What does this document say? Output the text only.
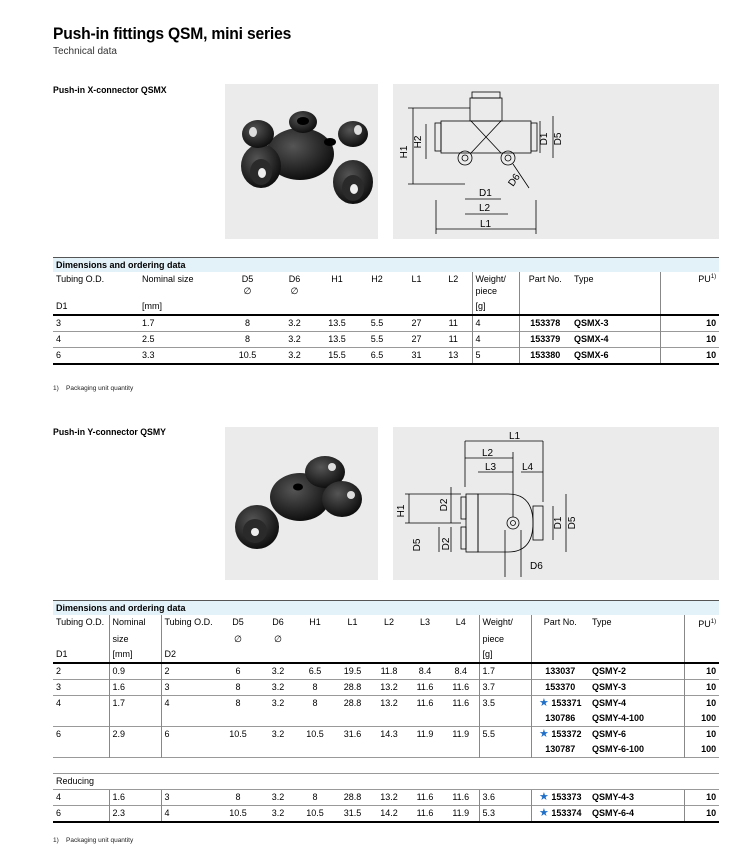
Push-in fittings QSM, mini series
Technical data
Push-in X-connector QSMX
H1
H2	D1 D5
D1
D6
L2
L1
Dimensions and ordering data											
Tubing O.D.	Nominal size	D5	D6	H1	H2	L1	L2	Weight/	Part No.	Type	PU$^{1)}$
		∅	∅					piece			
D1	[mm]							[g]			
3	1.7	8	3.2	13.5	5.5	27	11	4	153378	QSMX-3	10
4	2.5	8	3.2	13.5	5.5	27	11	4	153379	QSMX-4	10
6	3.3	10.5	3.2	15.5	6.5	31	13	5	153380	QSMX-6	10
1) Packaging unit quantity
Push-in Y-connector QSMY	L1
L2
L3	L4
H1	D2
D5 D2
D1 D5
D6
Dimensions and ordering data													
Tubing O.D.	Nominal	Tubing O.D.	D5	D6	H1	L1	L2	L3	L4	Weight/	Part No.	Type	PU$^{1)}$
	size		∅	∅						piece			
D1	[mm]	D2								[g]			
2	0.9	2	6	3.2	6.5	19.5	11.8	8.4	8.4	1.7	133037	QSMY-2	10
3	1.6	3	8	3.2	8	28.8	13.2	11.6	11.6	3.7	153370	QSMY-3	10
4	1.7	4	8	3.2	8	28.8	13.2	11.6	11.6	3.5	★ 153371	QSMY-4	10
											130786	QSMY-4-100	100
6	2.9	6	10.5	3.2	10.5	31.6	14.3	11.9	11.9	5.5	★ 153372	QSMY-6	10
											130787	QSMY-6-100	100

Reducing													
4	1.6	3	8	3.2	8	28.8	13.2	11.6	11.6	3.6	★ 153373	QSMY-4-3	10
6	2.3	4	10.5	3.2	10.5	31.5	14.2	11.6	11.9	5.3	★ 153374	QSMY-6-4	10
1) Packaging unit quantity
